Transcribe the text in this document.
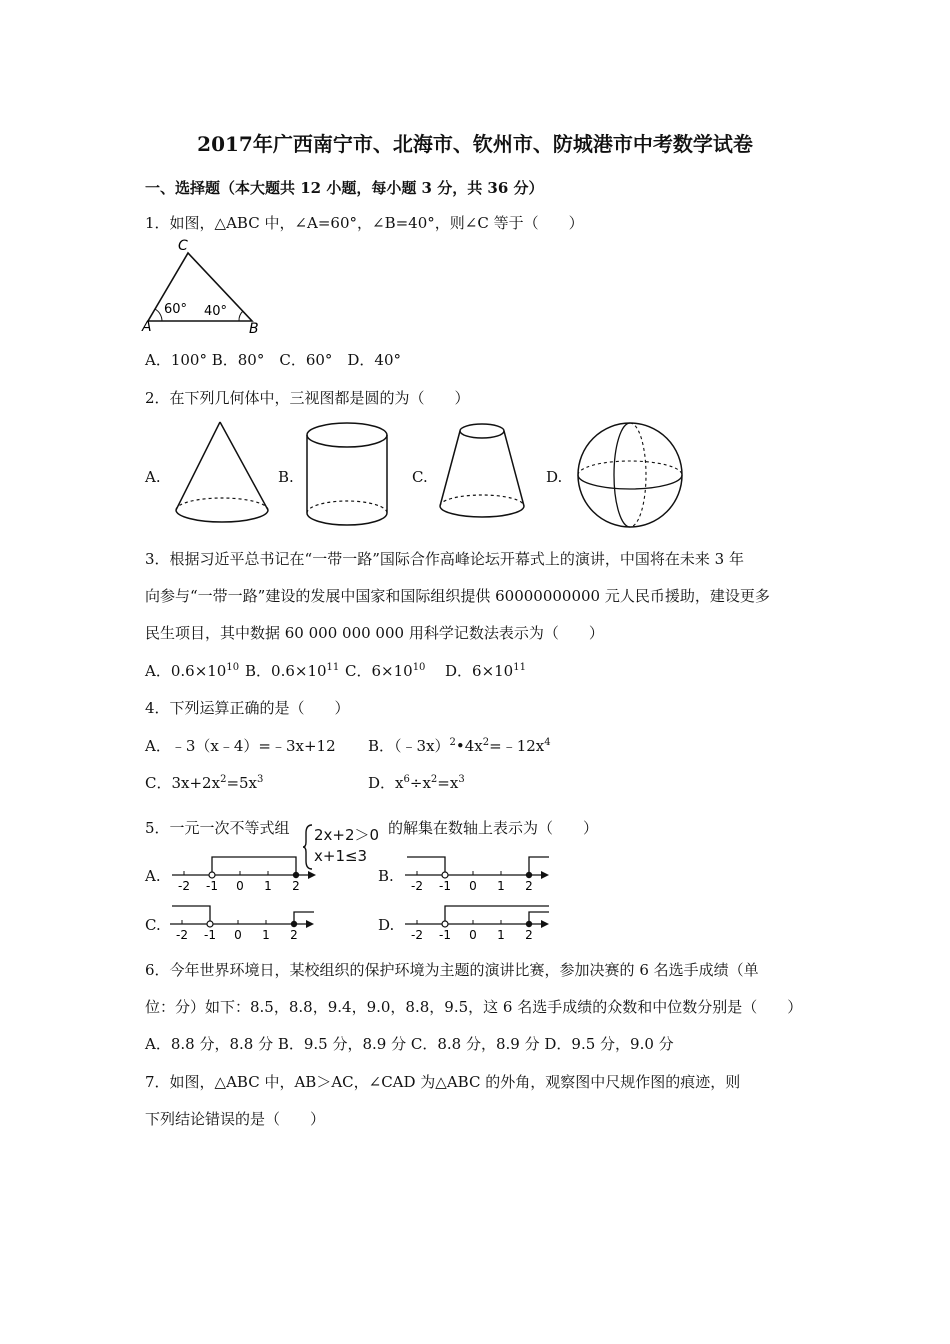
2017年广西南宁市、北海市、钦州市、防城港市中考数学试卷
一、选择题（本大题共 12 小题，每小题 3 分，共 36 分）
1．如图，△ABC 中，∠A=60°，∠B=40°，则∠C 等于（　　）
A	B
C
60° 40°
A．100° B．80°　C．60°　D．40°
2．在下列几何体中，三视图都是圆的为（　　）
A.	B.	C.	D.
3．根据习近平总书记在“一带一路”国际合作高峰论坛开幕式上的演讲，中国将在未来 3 年
向参与“一带一路”建设的发展中国家和国际组织提供 60000000000 元人民币援助，建设更多
民生项目，其中数据 60 000 000 000 用科学记数法表示为（　　）
A．$0.6\times 10^{10}$ B．$0.6\times 10^{11}$ C．$6\times 10^{10}$ D．$6\times 10^{11}$
4．下列运算正确的是（　　）
A．﹣3（x﹣4）=﹣3x+12 B．$(﹣3x)^2•4x^2=﹣12x^4$
C．$3x+2x^2=5x^3$	D．$x^6\div x^2=x^3$
5．一元一次不等式组 2x+2＞0
x+1≤3
的解集在数轴上表示为（　　）
A.
-2 -1 0 1 2
B.
-2 -1 0 1 2
C.
-2 -1 0 1 2
D.
-2 -1 0 1 2
6．今年世界环境日，某校组织的保护环境为主题的演讲比赛，参加决赛的 6 名选手成绩（单
位：分）如下：8.5，8.8，9.4，9.0，8.8，9.5，这 6 名选手成绩的众数和中位数分别是（　　）
A．8.8 分，8.8 分 B．9.5 分，8.9 分 C．8.8 分，8.9 分 D．9.5 分，9.0 分
7．如图，△ABC 中，AB＞AC，∠CAD 为△ABC 的外角，观察图中尺规作图的痕迹，则
下列结论错误的是（　　）
